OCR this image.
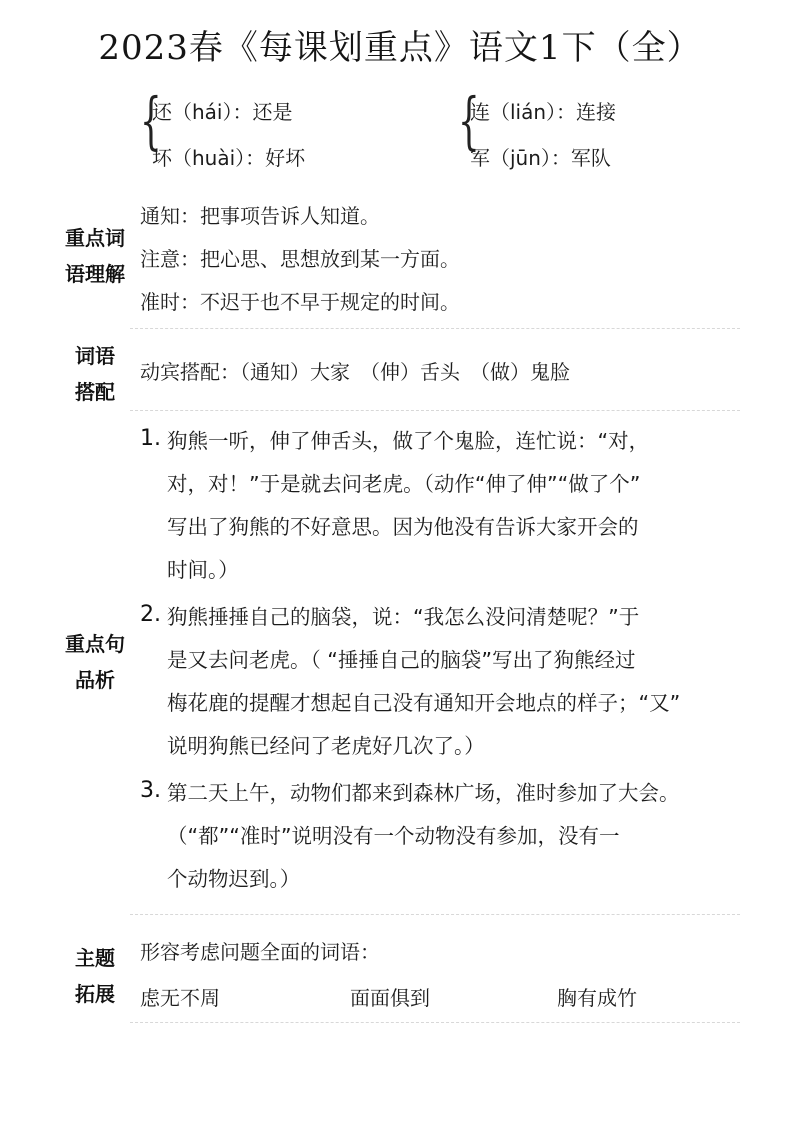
2023春《每课划重点》语文1下（全）
{
还（hái）：还是
坏（huài）：好坏
{
连（lián）：连接
军（jūn）：军队
重点词
语理解
通知：把事项告诉人知道。
注意：把心思、思想放到某一方面。
准时：不迟于也不早于规定的时间。
词语
搭配
动宾搭配：（通知）大家　（伸）舌头　（做）鬼脸
重点句
品析
1. 狗熊一听，伸了伸舌头，做了个鬼脸，连忙说：“对，
对，对！”于是就去问老虎。（动作“伸了伸”“做了个”
写出了狗熊的不好意思。因为他没有告诉大家开会的
时间。）
2. 狗熊捶捶自己的脑袋，说：“我怎么没问清楚呢？”于
是又去问老虎。（ “捶捶自己的脑袋”写出了狗熊经过
梅花鹿的提醒才想起自己没有通知开会地点的样子；“又”
说明狗熊已经问了老虎好几次了。）
3. 第二天上午，动物们都来到森林广场，准时参加了大会。
（“都”“准时”说明没有一个动物没有参加，没有一
个动物迟到。）
主题
拓展
形容考虑问题全面的词语：
虑无不周	面面俱到	胸有成竹
